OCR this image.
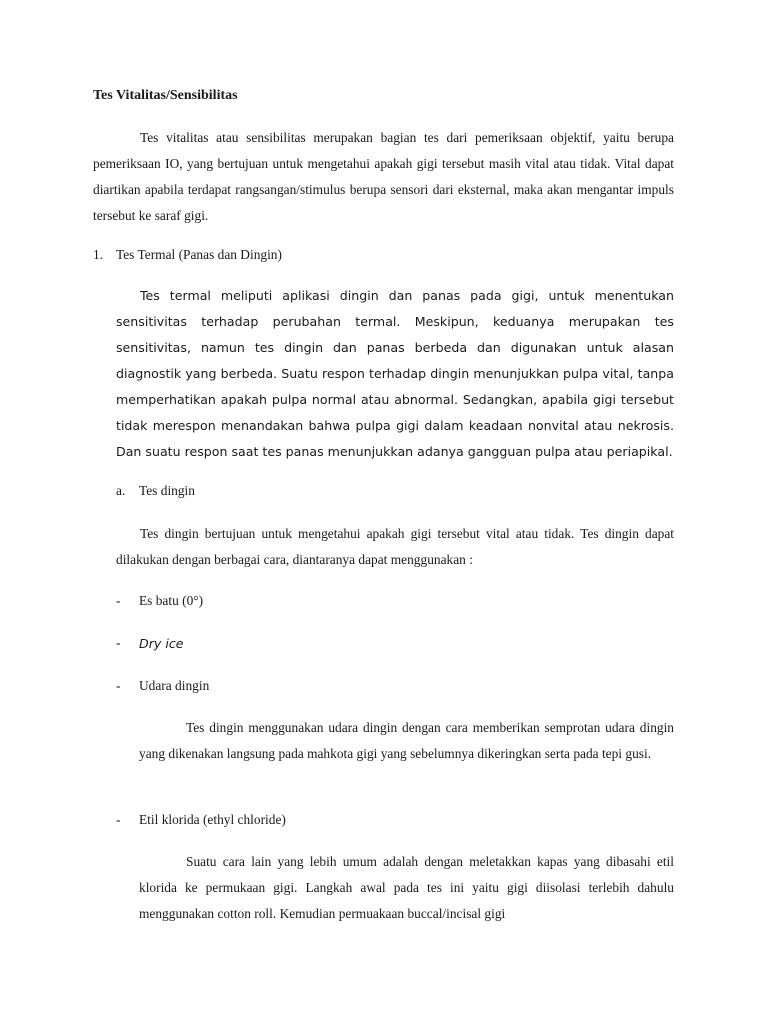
Tes Vitalitas/Sensibilitas

Tes vitalitas atau sensibilitas merupakan bagian tes dari pemeriksaan objektif, yaitu berupa pemeriksaan IO, yang bertujuan untuk mengetahui apakah gigi tersebut masih vital atau tidak. Vital dapat diartikan apabila terdapat rangsangan/stimulus berupa sensori dari eksternal, maka akan mengantar impuls tersebut ke saraf gigi.

1. Tes Termal (Panas dan Dingin)

Tes termal meliputi aplikasi dingin dan panas pada gigi, untuk menentukan sensitivitas terhadap perubahan termal. Meskipun, keduanya merupakan tes sensitivitas, namun tes dingin dan panas berbeda dan digunakan untuk alasan diagnostik yang berbeda. Suatu respon terhadap dingin menunjukkan pulpa vital, tanpa memperhatikan apakah pulpa normal atau abnormal. Sedangkan, apabila gigi tersebut tidak merespon menandakan bahwa pulpa gigi dalam keadaan nonvital atau nekrosis. Dan suatu respon saat tes panas menunjukkan adanya gangguan pulpa atau periapikal.

a. Tes dingin

Tes dingin bertujuan untuk mengetahui apakah gigi tersebut vital atau tidak. Tes dingin dapat dilakukan dengan berbagai cara, diantaranya dapat menggunakan :

- Es batu (0°)
- Dry ice
- Udara dingin

Tes dingin menggunakan udara dingin dengan cara memberikan semprotan udara dingin yang dikenakan langsung pada mahkota gigi yang sebelumnya dikeringkan serta pada tepi gusi.

- Etil klorida (ethyl chloride)

Suatu cara lain yang lebih umum adalah dengan meletakkan kapas yang dibasahi etil klorida ke permukaan gigi. Langkah awal pada tes ini yaitu gigi diisolasi terlebih dahulu menggunakan cotton roll. Kemudian permuakaan buccal/incisal gigi
